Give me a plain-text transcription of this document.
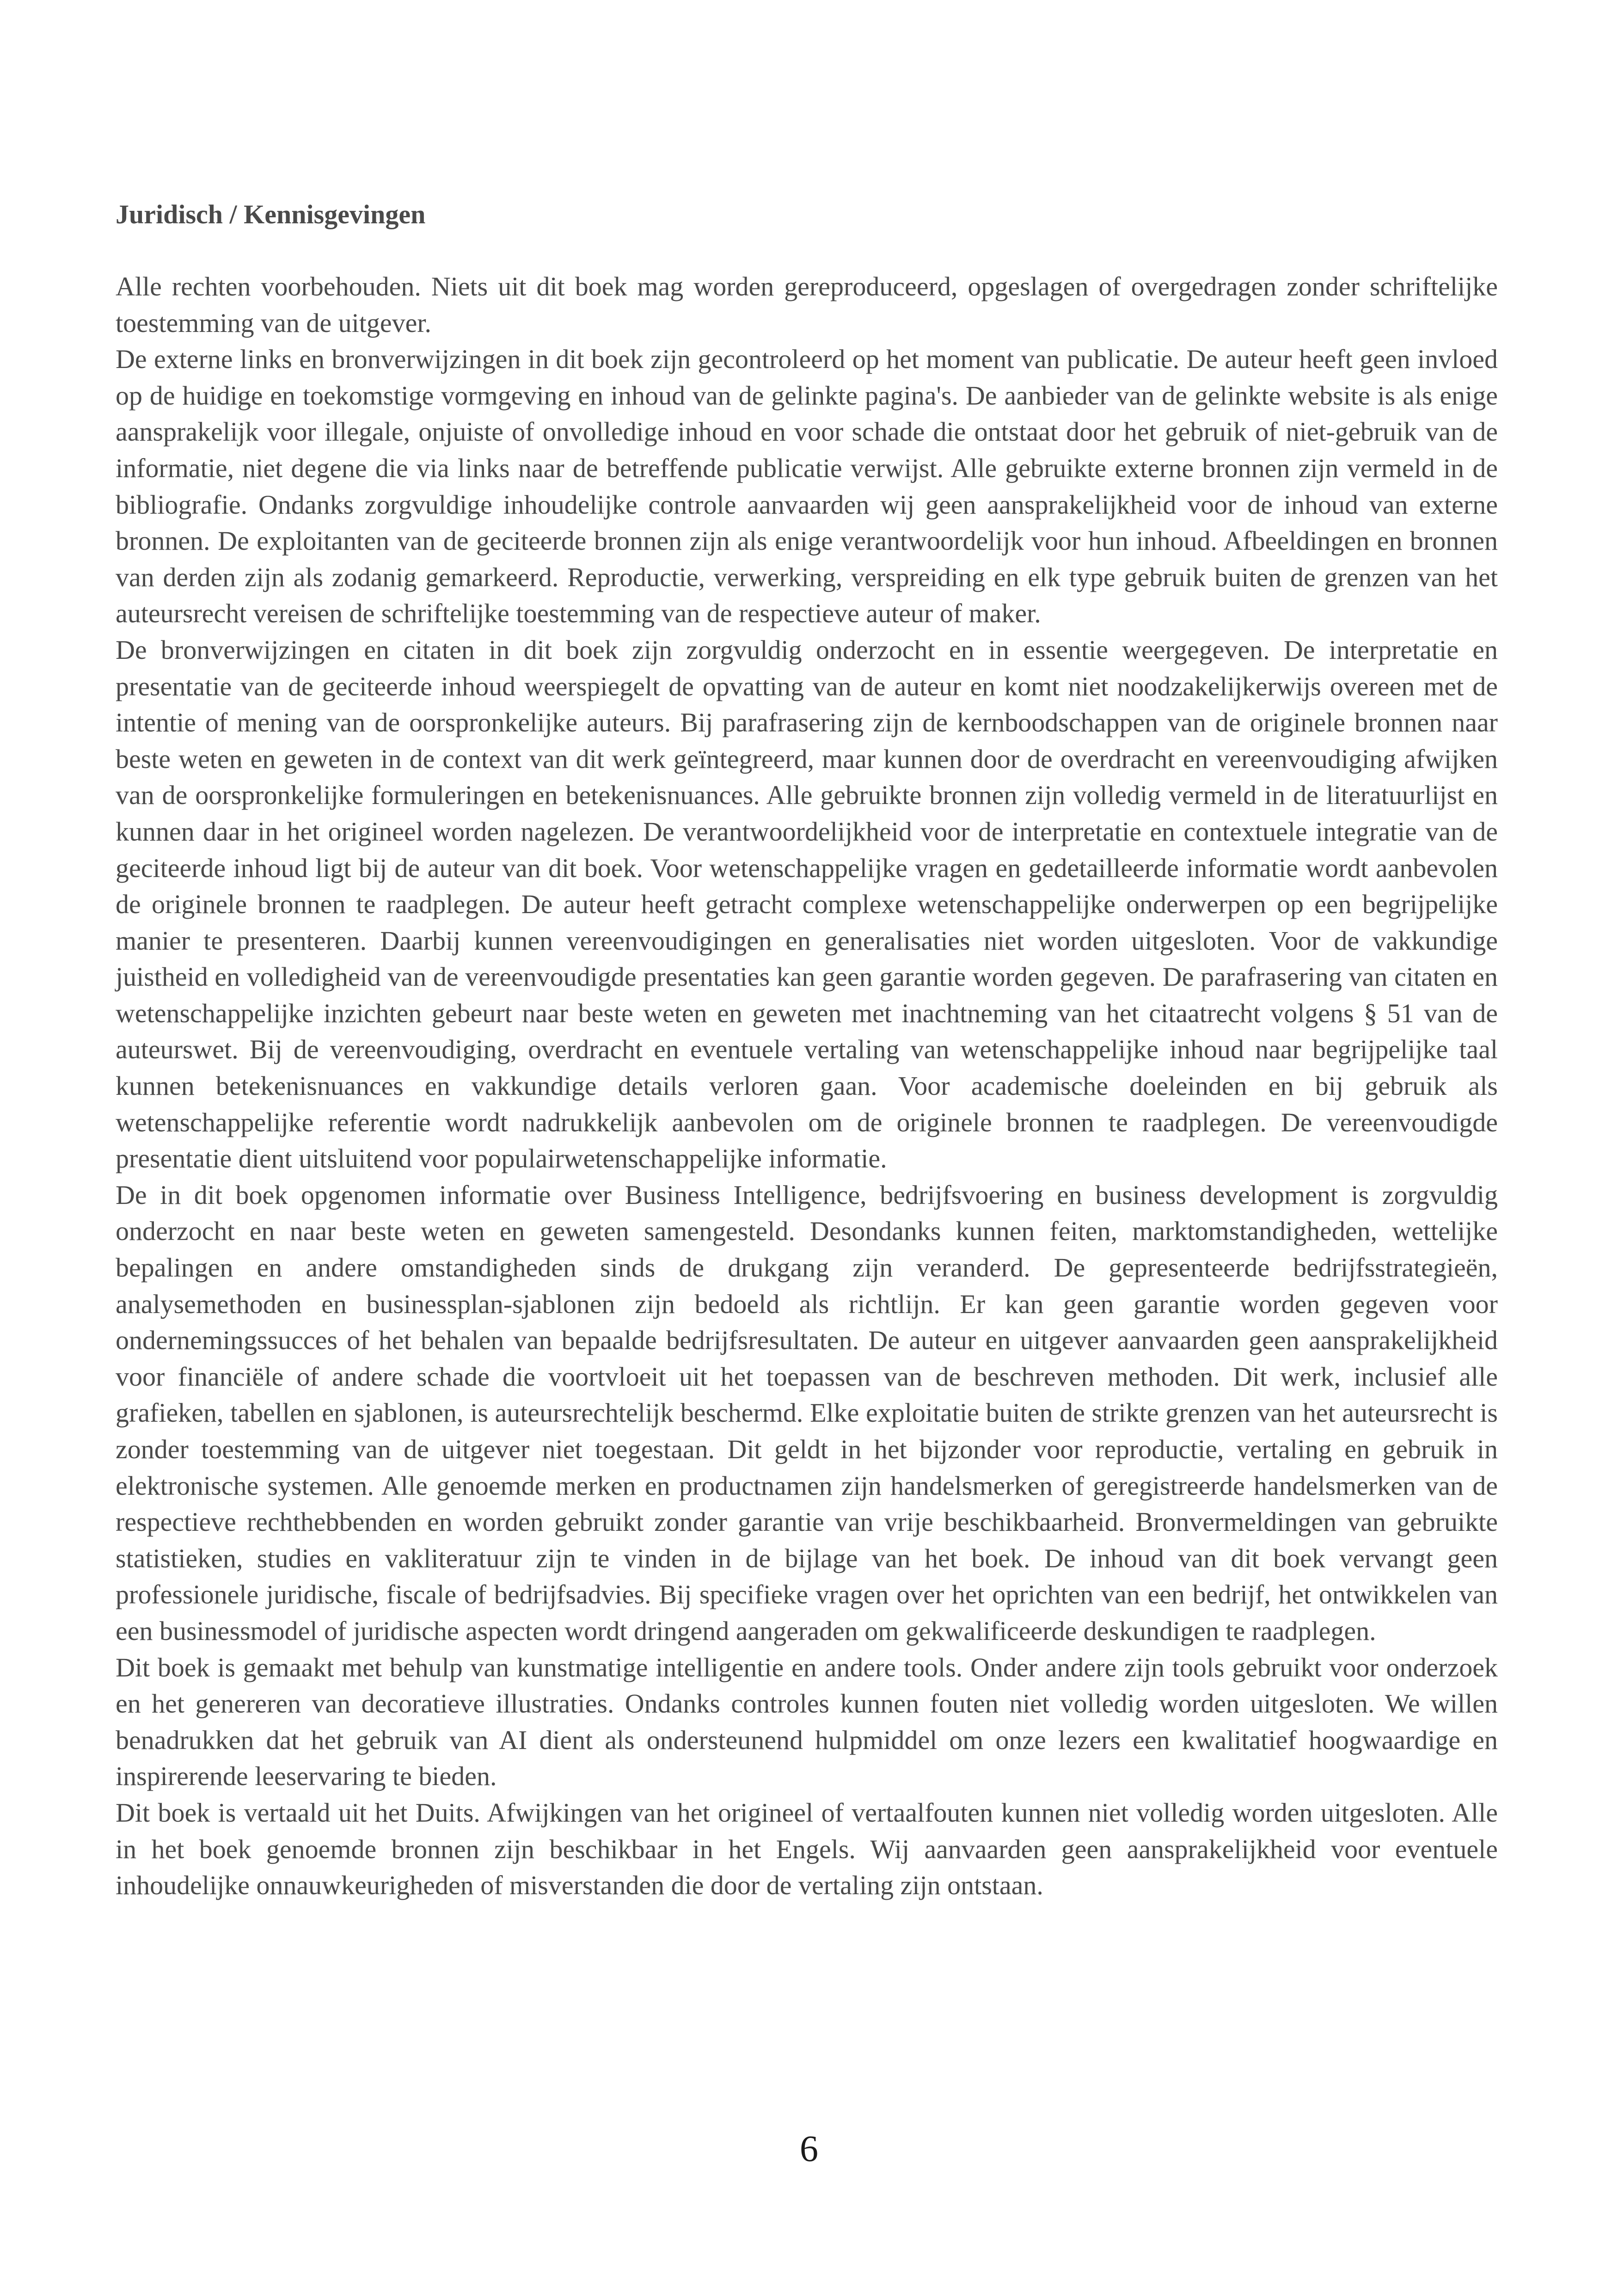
Juridisch / Kennisgevingen

Alle rechten voorbehouden. Niets uit dit boek mag worden gereproduceerd, opgeslagen of overgedragen zonder schriftelijke toestemming van de uitgever.

De externe links en bronverwijzingen in dit boek zijn gecontroleerd op het moment van publicatie. De auteur heeft geen invloed op de huidige en toekomstige vormgeving en inhoud van de gelinkte pagina's. De aanbieder van de gelinkte website is als enige aansprakelijk voor illegale, onjuiste of onvolledige inhoud en voor schade die ontstaat door het gebruik of niet-gebruik van de informatie, niet degene die via links naar de betreffende publicatie verwijst. Alle gebruikte externe bronnen zijn vermeld in de bibliografie. Ondanks zorgvuldige inhoudelijke controle aanvaarden wij geen aansprakelijkheid voor de inhoud van externe bronnen. De exploitanten van de geciteerde bronnen zijn als enige verantwoordelijk voor hun inhoud. Afbeeldingen en bronnen van derden zijn als zodanig gemarkeerd. Reproductie, verwerking, verspreiding en elk type gebruik buiten de grenzen van het auteursrecht vereisen de schriftelijke toestemming van de respectieve auteur of maker.

De bronverwijzingen en citaten in dit boek zijn zorgvuldig onderzocht en in essentie weergegeven. De interpretatie en presentatie van de geciteerde inhoud weerspiegelt de opvatting van de auteur en komt niet noodzakelijkerwijs overeen met de intentie of mening van de oorspronkelijke auteurs. Bij parafrasering zijn de kernboodschappen van de originele bronnen naar beste weten en geweten in de context van dit werk geïntegreerd, maar kunnen door de overdracht en vereenvoudiging afwijken van de oorspronkelijke formuleringen en betekenisnuances. Alle gebruikte bronnen zijn volledig vermeld in de literatuurlijst en kunnen daar in het origineel worden nagelezen. De verantwoordelijkheid voor de interpretatie en contextuele integratie van de geciteerde inhoud ligt bij de auteur van dit boek. Voor wetenschappelijke vragen en gedetailleerde informatie wordt aanbevolen de originele bronnen te raadplegen. De auteur heeft getracht complexe wetenschappelijke onderwerpen op een begrijpelijke manier te presenteren. Daarbij kunnen vereenvoudigingen en generalisaties niet worden uitgesloten. Voor de vakkundige juistheid en volledigheid van de vereenvoudigde presentaties kan geen garantie worden gegeven. De parafrasering van citaten en wetenschappelijke inzichten gebeurt naar beste weten en geweten met inachtneming van het citaatrecht volgens § 51 van de auteurswet. Bij de vereenvoudiging, overdracht en eventuele vertaling van wetenschappelijke inhoud naar begrijpelijke taal kunnen betekenisnuances en vakkundige details verloren gaan. Voor academische doeleinden en bij gebruik als wetenschappelijke referentie wordt nadrukkelijk aanbevolen om de originele bronnen te raadplegen. De vereenvoudigde presentatie dient uitsluitend voor populairwetenschappelijke informatie.

De in dit boek opgenomen informatie over Business Intelligence, bedrijfsvoering en business development is zorgvuldig onderzocht en naar beste weten en geweten samengesteld. Desondanks kunnen feiten, marktomstandigheden, wettelijke bepalingen en andere omstandigheden sinds de drukgang zijn veranderd. De gepresenteerde bedrijfsstrategieën, analysemethoden en businessplan-sjablonen zijn bedoeld als richtlijn. Er kan geen garantie worden gegeven voor ondernemingssucces of het behalen van bepaalde bedrijfsresultaten. De auteur en uitgever aanvaarden geen aansprakelijkheid voor financiële of andere schade die voortvloeit uit het toepassen van de beschreven methoden. Dit werk, inclusief alle grafieken, tabellen en sjablonen, is auteursrechtelijk beschermd. Elke exploitatie buiten de strikte grenzen van het auteursrecht is zonder toestemming van de uitgever niet toegestaan. Dit geldt in het bijzonder voor reproductie, vertaling en gebruik in elektronische systemen. Alle genoemde merken en productnamen zijn handelsmerken of geregistreerde handelsmerken van de respectieve rechthebbenden en worden gebruikt zonder garantie van vrije beschikbaarheid. Bronvermeldingen van gebruikte statistieken, studies en vakliteratuur zijn te vinden in de bijlage van het boek. De inhoud van dit boek vervangt geen professionele juridische, fiscale of bedrijfsadvies. Bij specifieke vragen over het oprichten van een bedrijf, het ontwikkelen van een businessmodel of juridische aspecten wordt dringend aangeraden om gekwalificeerde deskundigen te raadplegen.

Dit boek is gemaakt met behulp van kunstmatige intelligentie en andere tools. Onder andere zijn tools gebruikt voor onderzoek en het genereren van decoratieve illustraties. Ondanks controles kunnen fouten niet volledig worden uitgesloten. We willen benadrukken dat het gebruik van AI dient als ondersteunend hulpmiddel om onze lezers een kwalitatief hoogwaardige en inspirerende leeservaring te bieden.

Dit boek is vertaald uit het Duits. Afwijkingen van het origineel of vertaalfouten kunnen niet volledig worden uitgesloten. Alle in het boek genoemde bronnen zijn beschikbaar in het Engels. Wij aanvaarden geen aansprakelijkheid voor eventuele inhoudelijke onnauwkeurigheden of misverstanden die door de vertaling zijn ontstaan.

6
